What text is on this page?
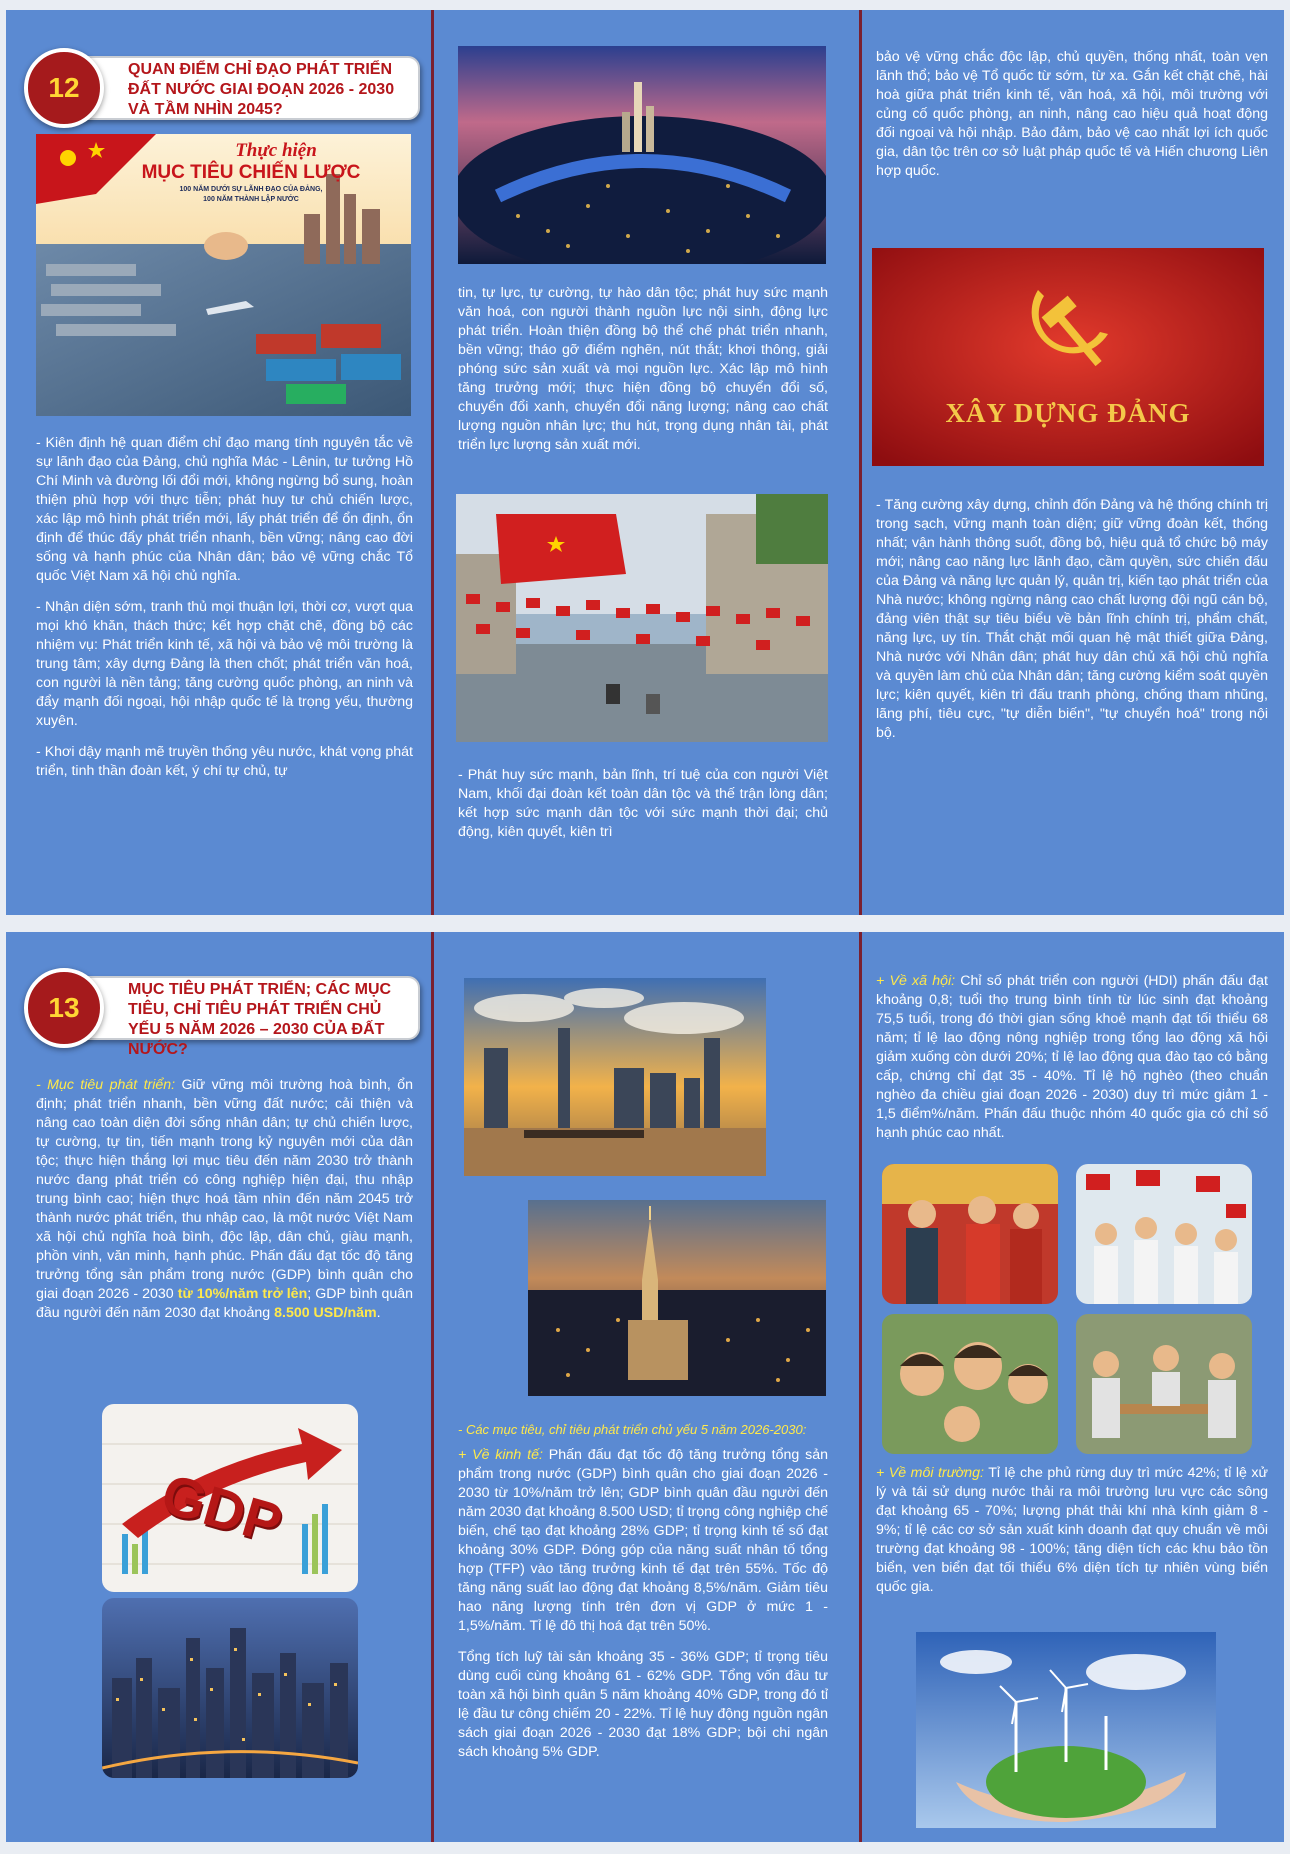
QUAN ĐIỂM CHỈ ĐẠO PHÁT TRIỂN ĐẤT NƯỚC GIAI ĐOẠN 2026 - 2030 VÀ TẦM NHÌN 2045?
12
Thực hiện
MỤC TIÊU CHIẾN LƯỢC
100 NĂM DƯỚI SỰ LÃNH ĐẠO CỦA ĐẢNG,
100 NĂM THÀNH LẬP NƯỚC

- Kiên định hệ quan điểm chỉ đạo mang tính nguyên tắc về sự lãnh đạo của Đảng, chủ nghĩa Mác - Lênin, tư tưởng Hồ Chí Minh và đường lối đổi mới, không ngừng bổ sung, hoàn thiện phù hợp với thực tiễn; phát huy tư chủ chiến lược, xác lập mô hình phát triển mới, lấy phát triển để ổn định, ổn định để thúc đẩy phát triển nhanh, bền vững; nâng cao đời sống và hạnh phúc của Nhân dân; bảo vệ vững chắc Tổ quốc Việt Nam xã hội chủ nghĩa.

- Nhận diện sớm, tranh thủ mọi thuận lợi, thời cơ, vượt qua mọi khó khăn, thách thức; kết hợp chặt chẽ, đồng bộ các nhiệm vụ: Phát triển kinh tế, xã hội và bảo vệ môi trường là trung tâm; xây dựng Đảng là then chốt; phát triển văn hoá, con người là nền tảng; tăng cường quốc phòng, an ninh và đẩy mạnh đối ngoại, hội nhập quốc tế là trọng yếu, thường xuyên.

- Khơi dậy mạnh mẽ truyền thống yêu nước, khát vọng phát triển, tinh thần đoàn kết, ý chí tự chủ, tự

tin, tự lực, tự cường, tự hào dân tộc; phát huy sức mạnh văn hoá, con người thành nguồn lực nội sinh, động lực phát triển. Hoàn thiện đồng bộ thể chế phát triển nhanh, bền vững; tháo gỡ điểm nghẽn, nút thắt; khơi thông, giải phóng sức sản xuất và mọi nguồn lực. Xác lập mô hình tăng trưởng mới; thực hiện đồng bộ chuyển đổi số, chuyển đổi xanh, chuyển đổi năng lượng; nâng cao chất lượng nguồn nhân lực; thu hút, trọng dụng nhân tài, phát triển lực lượng sản xuất mới.
- Phát huy sức mạnh, bản lĩnh, trí tuệ của con người Việt Nam, khối đại đoàn kết toàn dân tộc và thế trận lòng dân; kết hợp sức mạnh dân tộc với sức mạnh thời đại; chủ động, kiên quyết, kiên trì
bảo vệ vững chắc độc lập, chủ quyền, thống nhất, toàn vẹn lãnh thổ; bảo vệ Tổ quốc từ sớm, từ xa. Gắn kết chặt chẽ, hài hoà giữa phát triển kinh tế, văn hoá, xã hội, môi trường với củng cố quốc phòng, an ninh, nâng cao hiệu quả hoạt động đối ngoại và hội nhập. Bảo đảm, bảo vệ cao nhất lợi ích quốc gia, dân tộc trên cơ sở luật pháp quốc tế và Hiến chương Liên hợp quốc.
XÂY DỰNG ĐẢNG
- Tăng cường xây dựng, chỉnh đốn Đảng và hệ thống chính trị trong sạch, vững mạnh toàn diện; giữ vững đoàn kết, thống nhất; vận hành thông suốt, đồng bộ, hiệu quả tổ chức bộ máy mới; nâng cao năng lực lãnh đạo, cầm quyền, sức chiến đấu của Đảng và năng lực quản lý, quản trị, kiến tạo phát triển của Nhà nước; không ngừng nâng cao chất lượng đội ngũ cán bộ, đảng viên thật sự tiêu biểu về bản lĩnh chính trị, phẩm chất, năng lực, uy tín. Thắt chặt mối quan hệ mật thiết giữa Đảng, Nhà nước với Nhân dân; phát huy dân chủ xã hội chủ nghĩa và quyền làm chủ của Nhân dân; tăng cường kiểm soát quyền lực; kiên quyết, kiên trì đấu tranh phòng, chống tham nhũng, lãng phí, tiêu cực, "tự diễn biến", "tự chuyển hoá" trong nội bộ.
MỤC TIÊU PHÁT TRIỂN; CÁC MỤC TIÊU, CHỈ TIÊU PHÁT TRIỂN CHỦ YẾU 5 NĂM 2026 – 2030 CỦA ĐẤT NƯỚC?
13
- Mục tiêu phát triển: Giữ vững môi trường hoà bình, ổn định; phát triển nhanh, bền vững đất nước; cải thiện và nâng cao toàn diện đời sống nhân dân; tự chủ chiến lược, tự cường, tự tin, tiến mạnh trong kỷ nguyên mới của dân tộc; thực hiện thắng lợi mục tiêu đến năm 2030 trở thành nước đang phát triển có công nghiệp hiện đại, thu nhập trung bình cao; hiện thực hoá tầm nhìn đến năm 2045 trở thành nước phát triển, thu nhập cao, là một nước Việt Nam xã hội chủ nghĩa hoà bình, độc lập, dân chủ, giàu mạnh, phồn vinh, văn minh, hạnh phúc. Phấn đấu đạt tốc độ tăng trưởng tổng sản phẩm trong nước (GDP) bình quân cho giai đoạn 2026 - 2030 từ 10%/năm trở lên; GDP bình quân đầu người đến năm 2030 đạt khoảng 8.500 USD/năm.
GDP

- Các mục tiêu, chỉ tiêu phát triển chủ yếu 5 năm 2026-2030:

+ Về kinh tế: Phấn đấu đạt tốc độ tăng trưởng tổng sản phẩm trong nước (GDP) bình quân cho giai đoạn 2026 - 2030 từ 10%/năm trở lên; GDP bình quân đầu người đến năm 2030 đạt khoảng 8.500 USD; tỉ trọng công nghiệp chế biến, chế tạo đạt khoảng 28% GDP; tỉ trọng kinh tế số đạt khoảng 30% GDP. Đóng góp của năng suất nhân tố tổng hợp (TFP) vào tăng trưởng kinh tế đạt trên 55%. Tốc độ tăng năng suất lao động đạt khoảng 8,5%/năm. Giảm tiêu hao năng lượng tính trên đơn vị GDP ở mức 1 - 1,5%/năm. Tỉ lệ đô thị hoá đạt trên 50%.

Tổng tích luỹ tài sản khoảng 35 - 36% GDP; tỉ trọng tiêu dùng cuối cùng khoảng 61 - 62% GDP. Tổng vốn đầu tư toàn xã hội bình quân 5 năm khoảng 40% GDP, trong đó tỉ lệ đầu tư công chiếm 20 - 22%. Tỉ lệ huy động nguồn ngân sách giai đoạn 2026 - 2030 đạt 18% GDP; bội chi ngân sách khoảng 5% GDP.

+ Về xã hội: Chỉ số phát triển con người (HDI) phấn đấu đạt khoảng 0,8; tuổi thọ trung bình tính từ lúc sinh đạt khoảng 75,5 tuổi, trong đó thời gian sống khoẻ mạnh đạt tối thiểu 68 năm; tỉ lệ lao động nông nghiệp trong tổng lao động xã hội giảm xuống còn dưới 20%; tỉ lệ lao động qua đào tạo có bằng cấp, chứng chỉ đạt 35 - 40%. Tỉ lệ hộ nghèo (theo chuẩn nghèo đa chiều giai đoạn 2026 - 2030) duy trì mức giảm 1 - 1,5 điểm%/năm. Phấn đấu thuộc nhóm 40 quốc gia có chỉ số hạnh phúc cao nhất.
+ Về môi trường: Tỉ lệ che phủ rừng duy trì mức 42%; tỉ lệ xử lý và tái sử dụng nước thải ra môi trường lưu vực các sông đạt khoảng 65 - 70%; lượng phát thải khí nhà kính giảm 8 - 9%; tỉ lệ các cơ sở sản xuất kinh doanh đạt quy chuẩn về môi trường đạt khoảng 98 - 100%; tăng diện tích các khu bảo tồn biển, ven biển đạt tối thiểu 6% diện tích tự nhiên vùng biển quốc gia.
